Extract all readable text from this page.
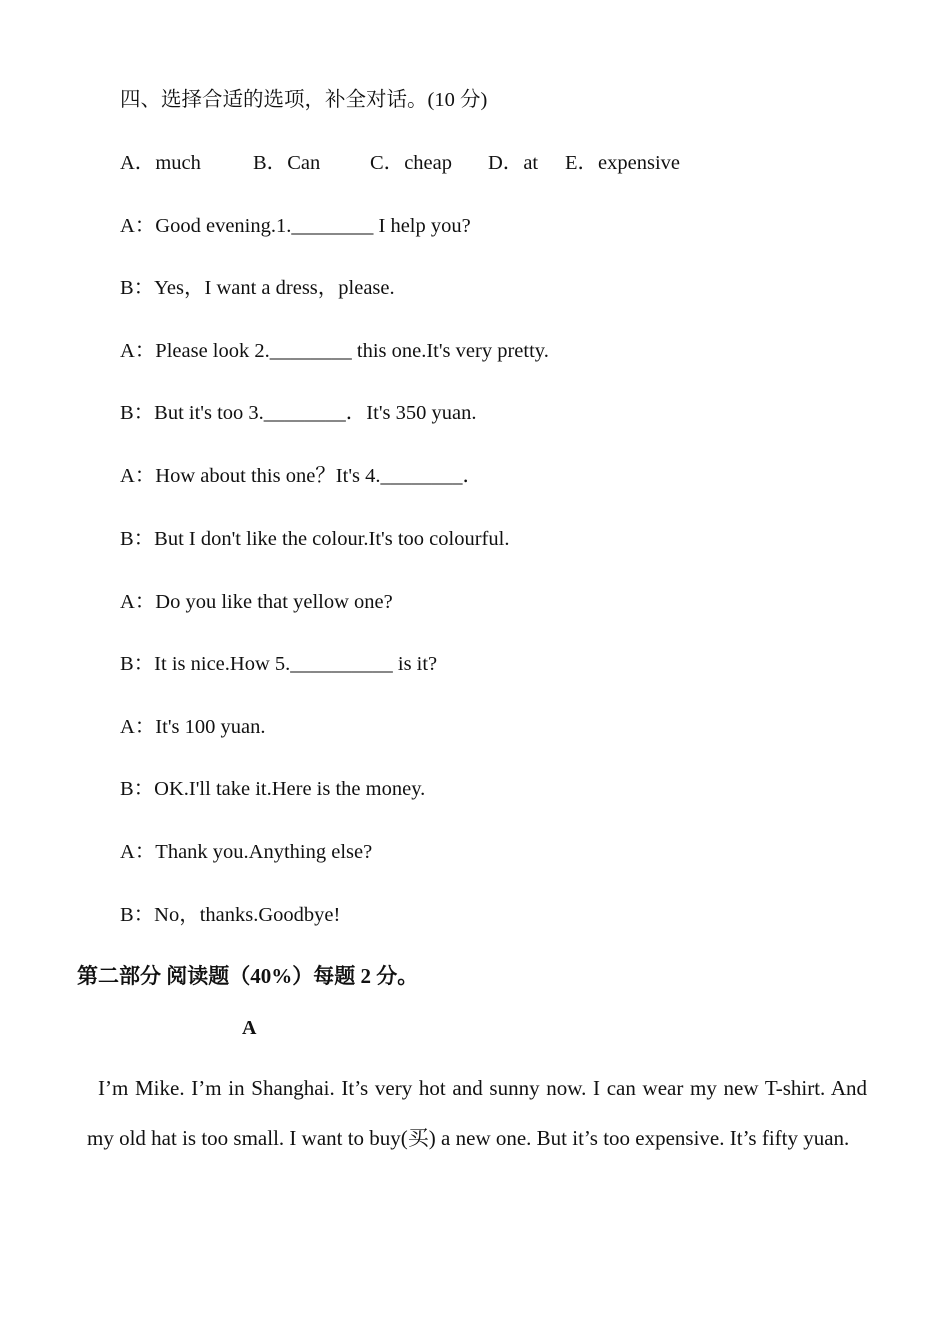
四、选择合适的选项，补全对话。(10 分)

A．much

	B．Can

C．cheap

D．at

E．expensive

A：Good evening.1.________ I help you?
B：Yes，I want a dress，please.
A：Please look 2.________ this one.It's very pretty.
B：But it's too 3.________．It's 350 yuan.
A：How about this one？It's 4.________．
B：But I don't like the colour.It's too colourful.
A：Do you like that yellow one?
B：It is nice.How 5.__________ is it?
A：It's 100 yuan.
B：OK.I'll take it.Here is the money.
A：Thank you.Anything else?
B：No，thanks.Goodbye!
第二部分 阅读题（40%）每题 2 分。
A
I’m Mike. I’m in Shanghai. It’s very hot and sunny now. I can wear my new T-shirt. And my old hat is too small. I want to buy(买) a new one. But it’s too expensive. It’s fifty yuan.
